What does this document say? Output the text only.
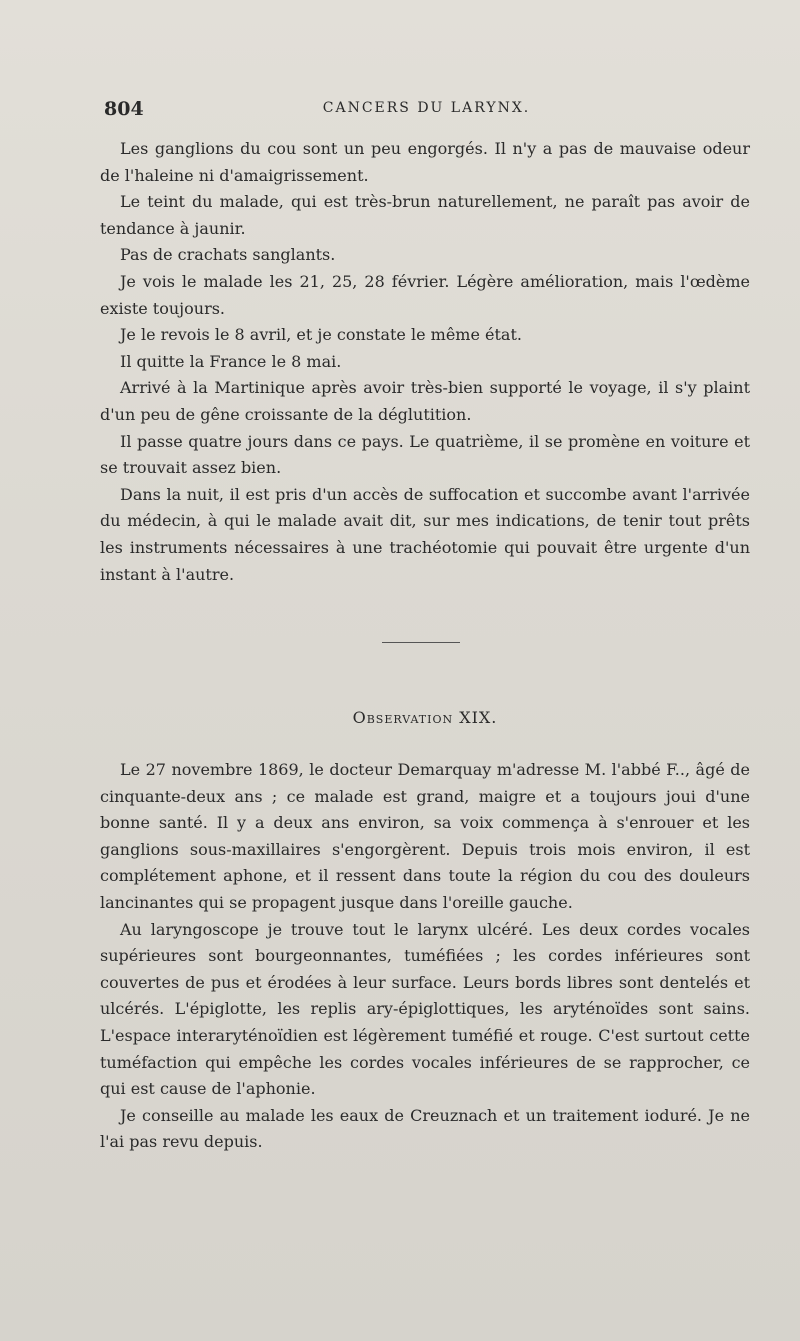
804	CANCERS DU LARYNX.

Les ganglions du cou sont un peu engorgés. Il n'y a pas de mauvaise odeur de l'haleine ni d'amaigrissement.

Le teint du malade, qui est très-brun naturellement, ne paraît pas avoir de tendance à jaunir.

Pas de crachats sanglants.

Je vois le malade les 21, 25, 28 février. Légère amélioration, mais l'œdème existe toujours.

Je le revois le 8 avril, et je constate le même état.

Il quitte la France le 8 mai.

Arrivé à la Martinique après avoir très-bien supporté le voyage, il s'y plaint d'un peu de gêne croissante de la déglutition.

Il passe quatre jours dans ce pays. Le quatrième, il se promène en voiture et se trouvait assez bien.

Dans la nuit, il est pris d'un accès de suffocation et succombe avant l'arrivée du médecin, à qui le malade avait dit, sur mes indications, de tenir tout prêts les instruments nécessaires à une trachéotomie qui pouvait être urgente d'un instant à l'autre.

Observation XIX.

Le 27 novembre 1869, le docteur Demarquay m'adresse M. l'abbé F.., âgé de cinquante-deux ans ; ce malade est grand, maigre et a toujours joui d'une bonne santé. Il y a deux ans environ, sa voix commença à s'enrouer et les ganglions sous-maxillaires s'engorgèrent. Depuis trois mois environ, il est complétement aphone, et il ressent dans toute la région du cou des douleurs lancinantes qui se propagent jusque dans l'oreille gauche.

Au laryngoscope je trouve tout le larynx ulcéré. Les deux cordes vocales supérieures sont bourgeonnantes, tuméfiées ; les cordes inférieures sont couvertes de pus et érodées à leur surface. Leurs bords libres sont dentelés et ulcérés. L'épiglotte, les replis ary-épiglottiques, les aryténoïdes sont sains. L'espace interaryténoïdien est légèrement tuméfié et rouge. C'est surtout cette tuméfaction qui empêche les cordes vocales inférieures de se rapprocher, ce qui est cause de l'aphonie.

Je conseille au malade les eaux de Creuznach et un traitement ioduré. Je ne l'ai pas revu depuis.
